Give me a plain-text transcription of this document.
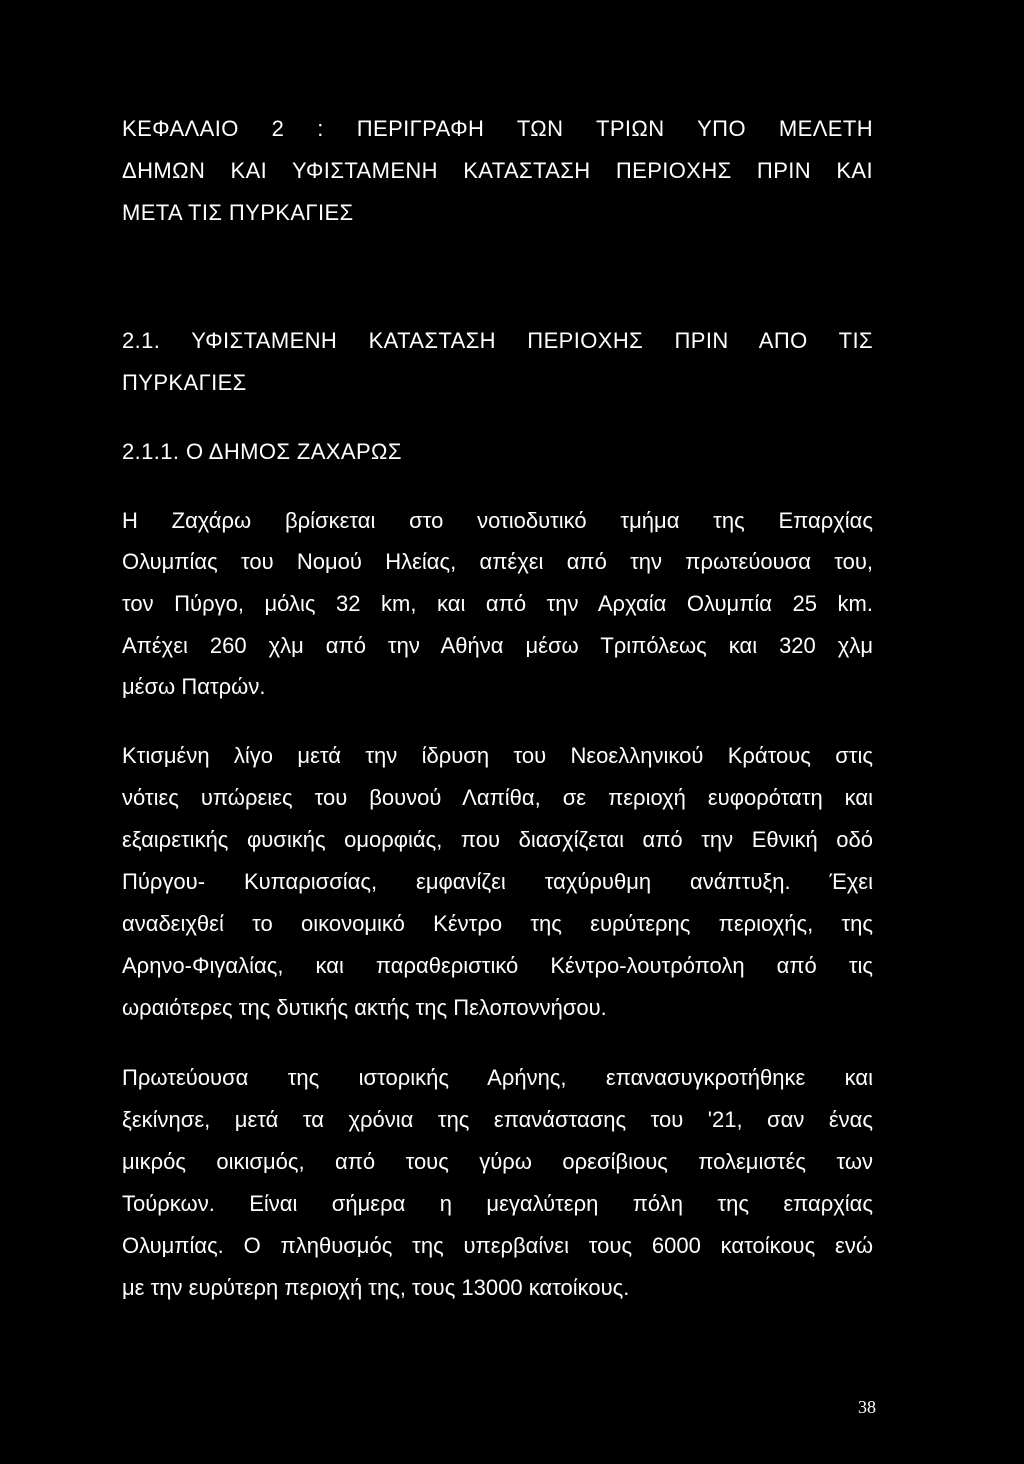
ΚΕΦΑΛΑΙΟ 2 : ΠΕΡΙΓΡΑΦΗ ΤΩΝ ΤΡΙΩΝ ΥΠΟ ΜΕΛΕΤΗ

ΔΗΜΩΝ ΚΑΙ ΥΦΙΣΤΑΜΕΝΗ ΚΑΤΑΣΤΑΣΗ ΠΕΡΙΟΧΗΣ ΠΡΙΝ ΚΑΙ

ΜΕΤΑ ΤΙΣ ΠΥΡΚΑΓΙΕΣ

2.1. ΥΦΙΣΤΑΜΕΝΗ ΚΑΤΑΣΤΑΣΗ ΠΕΡΙΟΧΗΣ ΠΡΙΝ ΑΠΟ ΤΙΣ

ΠΥΡΚΑΓΙΕΣ

2.1.1. Ο ΔΗΜΟΣ ΖΑΧΑΡΩΣ

Η Ζαχάρω βρίσκεται στο νοτιοδυτικό τμήμα της Επαρχίας

Ολυμπίας του Νομού Ηλείας, απέχει από την πρωτεύουσα του,

τον Πύργο, μόλις 32 km, και από την Αρχαία Ολυμπία 25 km.

Απέχει 260 χλμ από την Αθήνα μέσω Τριπόλεως και 320 χλμ

μέσω Πατρών.

Κτισμένη λίγο μετά την ίδρυση του Νεοελληνικού Κράτους στις

νότιες υπώρειες του βουνού Λαπίθα, σε περιοχή ευφορότατη και

εξαιρετικής φυσικής ομορφιάς, που διασχίζεται από την Εθνική οδό

Πύργου- Κυπαρισσίας, εμφανίζει ταχύρυθμη ανάπτυξη. Έχει

αναδειχθεί το οικονομικό Κέντρο της ευρύτερης περιοχής, της

Αρηνο-Φιγαλίας, και παραθεριστικό Κέντρο-λουτρόπολη από τις

ωραιότερες της δυτικής ακτής της Πελοποννήσου.

Πρωτεύουσα της ιστορικής Αρήνης, επανασυγκροτήθηκε και

ξεκίνησε, μετά τα χρόνια της επανάστασης του '21, σαν ένας

μικρός οικισμός, από τους γύρω ορεσίβιους πολεμιστές των

Τούρκων. Είναι σήμερα η μεγαλύτερη πόλη της επαρχίας

Ολυμπίας. Ο πληθυσμός της υπερβαίνει τους 6000 κατοίκους ενώ

με την ευρύτερη περιοχή της, τους 13000 κατοίκους.

38
